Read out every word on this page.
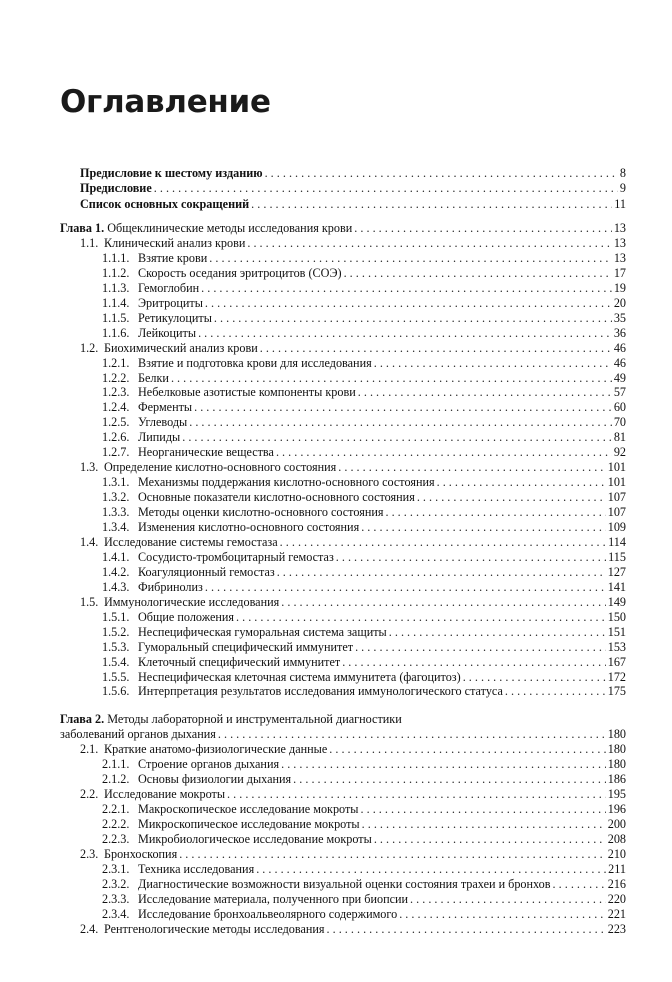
Оглавление
Предисловие к шестому изданию . . .	8
Предисловие . . .	9
Список основных сокращений . . .	11
Глава 1. Общеклинические методы исследования крови . . .	13
1.1. Клинический анализ крови . . .	13
1.1.1. Взятие крови . . .	13
1.1.2. Скорость оседания эритроцитов (СОЭ) . . .	17
1.1.3. Гемоглобин . . .	19
1.1.4. Эритроциты . . .	20
1.1.5. Ретикулоциты . . .	35
1.1.6. Лейкоциты . . .	36
1.2. Биохимический анализ крови . . .	46
1.2.1. Взятие и подготовка крови для исследования . . .	46
1.2.2. Белки . . .	49
1.2.3. Небелковые азотистые компоненты крови . . .	57
1.2.4. Ферменты . . .	60
1.2.5. Углеводы . . .	70
1.2.6. Липиды . . .	81
1.2.7. Неорганические вещества . . .	92
1.3. Определение кислотно-основного состояния . . .	101
1.3.1. Механизмы поддержания кислотно-основного состояния . . .	101
1.3.2. Основные показатели кислотно-основного состояния . . .	107
1.3.3. Методы оценки кислотно-основного состояния . . .	107
1.3.4. Изменения кислотно-основного состояния . . .	109
1.4. Исследование системы гемостаза . . .	114
1.4.1. Сосудисто-тромбоцитарный гемостаз . . .	115
1.4.2. Коагуляционный гемостаз . . .	127
1.4.3. Фибринолиз . . .	141
1.5. Иммунологические исследования . . .	149
1.5.1. Общие положения . . .	150
1.5.2. Неспецифическая гуморальная система защиты . . .	151
1.5.3. Гуморальный специфический иммунитет . . .	153
1.5.4. Клеточный специфический иммунитет . . .	167
1.5.5. Неспецифическая клеточная система иммунитета (фагоцитоз) . . .	172
1.5.6. Интерпретация результатов исследования иммунологического статуса . . .	175
Глава 2. Методы лабораторной и инструментальной диагностики
заболеваний органов дыхания . . .	180
2.1. Краткие анатомо-физиологические данные . . .	180
2.1.1. Строение органов дыхания . . .	180
2.1.2. Основы физиологии дыхания . . .	186
2.2. Исследование мокроты . . .	195
2.2.1. Макроскопическое исследование мокроты . . .	196
2.2.2. Микроскопическое исследование мокроты . . .	200
2.2.3. Микробиологическое исследование мокроты . . .	208
2.3. Бронхоскопия . . .	210
2.3.1. Техника исследования . . .	211
2.3.2. Диагностические возможности визуальной оценки состояния трахеи и бронхов . . .	216
2.3.3. Исследование материала, полученного при биопсии . . .	220
2.3.4. Исследование бронхоальвеолярного содержимого . . .	221
2.4. Рентгенологические методы исследования . . .	223
